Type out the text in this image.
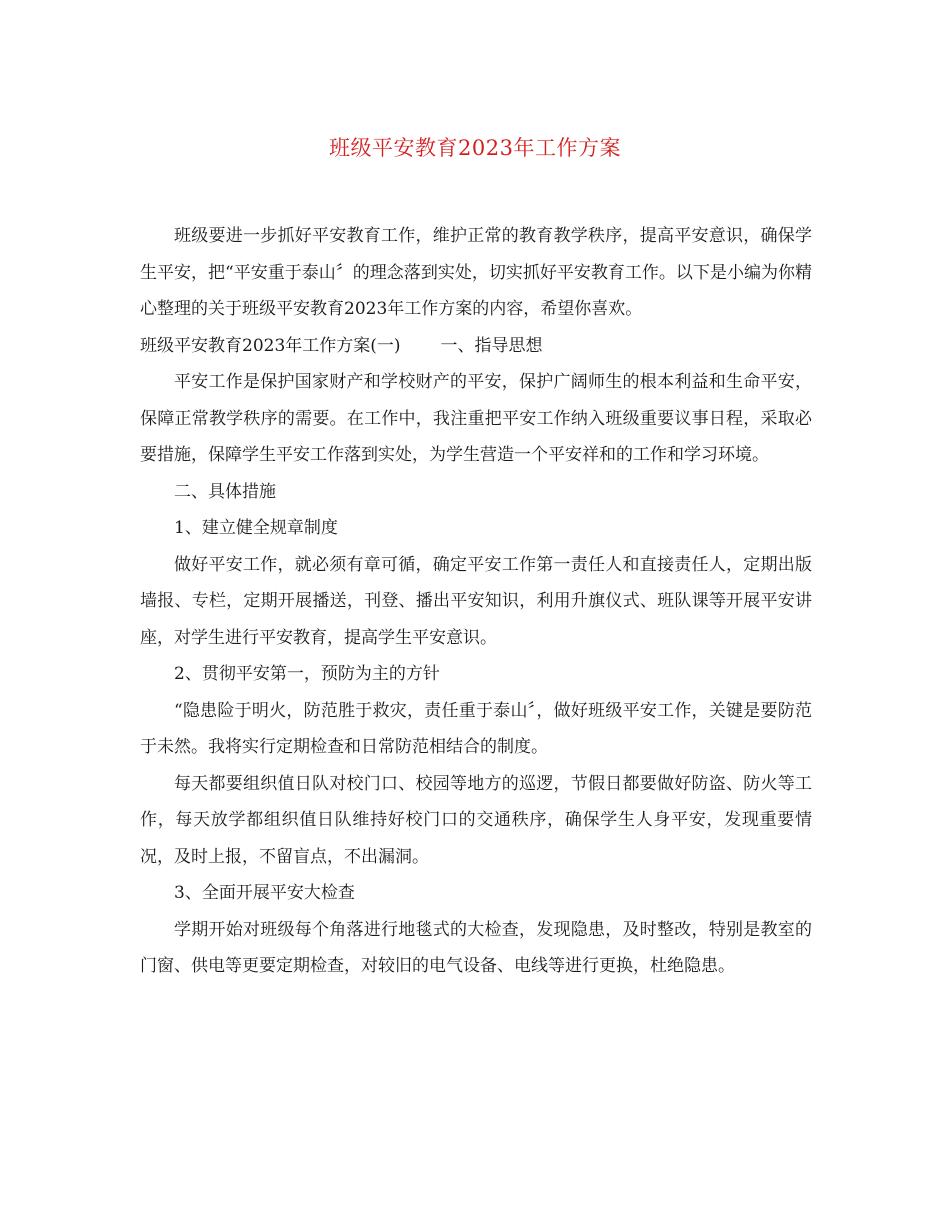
班级平安教育2023年工作方案

班级要进一步抓好平安教育工作，维护正常的教育教学秩序，提高平安意识，确保学生平安，把“平安重于泰山〞的理念落到实处，切实抓好平安教育工作。以下是小编为你精心整理的关于班级平安教育2023年工作方案的内容，希望你喜欢。

班级平安教育2023年工作方案(一) 一、指导思想

平安工作是保护国家财产和学校财产的平安，保护广阔师生的根本利益和生命平安，保障正常教学秩序的需要。在工作中，我注重把平安工作纳入班级重要议事日程，采取必要措施，保障学生平安工作落到实处，为学生营造一个平安祥和的工作和学习环境。

二、具体措施

1、建立健全规章制度

做好平安工作，就必须有章可循，确定平安工作第一责任人和直接责任人，定期出版墙报、专栏，定期开展播送，刊登、播出平安知识，利用升旗仪式、班队课等开展平安讲座，对学生进行平安教育，提高学生平安意识。

2、贯彻平安第一，预防为主的方针

“隐患险于明火，防范胜于救灾，责任重于泰山〞，做好班级平安工作，关键是要防范于未然。我将实行定期检查和日常防范相结合的制度。

每天都要组织值日队对校门口、校园等地方的巡逻，节假日都要做好防盗、防火等工作，每天放学都组织值日队维持好校门口的交通秩序，确保学生人身平安，发现重要情况，及时上报，不留盲点，不出漏洞。

3、全面开展平安大检查

学期开始对班级每个角落进行地毯式的大检查，发现隐患，及时整改，特别是教室的门窗、供电等更要定期检查，对较旧的电气设备、电线等进行更换，杜绝隐患。
